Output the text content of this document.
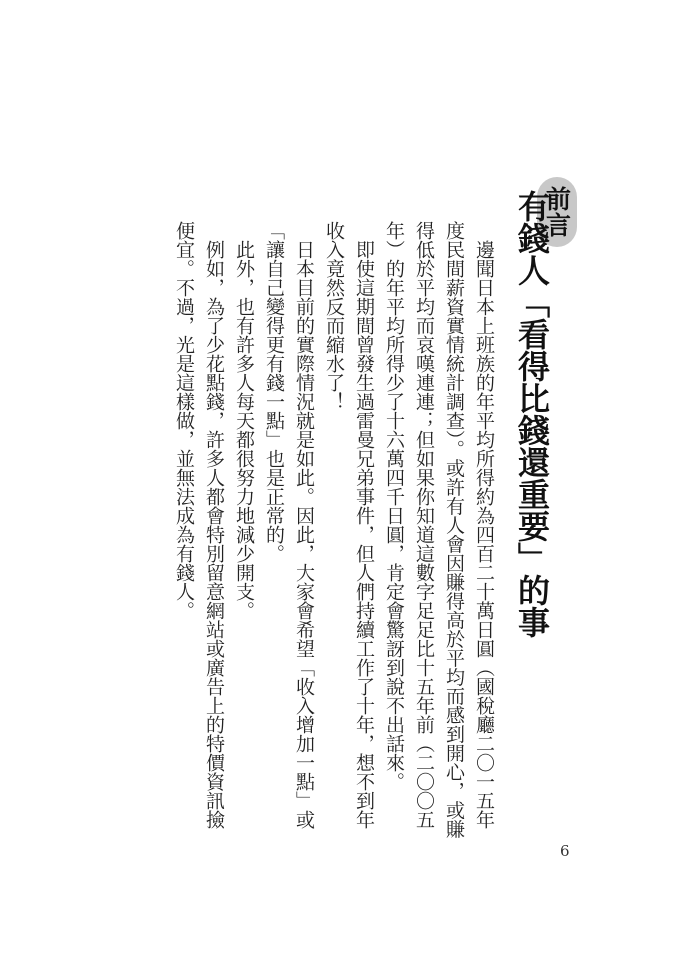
前言
有錢人「看得比錢還重要」的事

邊聞日本上班族的年平均所得約為四百二十萬日圓（國稅廳二〇一五年

度民間薪資實情統計調查）。或許有人會因賺得高於平均而感到開心，或賺

得低於平均而哀嘆連連；但如果你知道這數字足足比十五年前（二〇〇五

年）的年平均所得少了十六萬四千日圓，肯定會驚訝到說不出話來。

即使這期間曾發生過雷曼兄弟事件，但人們持續工作了十年，想不到年

收入竟然反而縮水了！

日本目前的實際情況就是如此。因此，大家會希望「收入增加一點」或

「讓自己變得更有錢一點」也是正常的。

此外，也有許多人每天都很努力地減少開支。

例如，為了少花點錢，許多人都會特別留意網站或廣告上的特價資訊撿

便宜。不過，光是這樣做，並無法成為有錢人。

6
